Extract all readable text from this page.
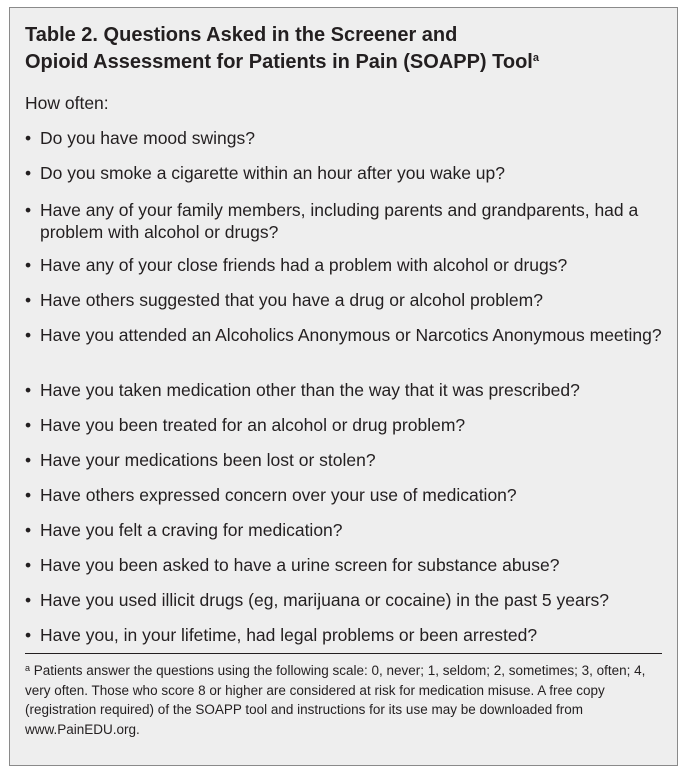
Table 2. Questions Asked in the Screener and
Opioid Assessment for Patients in Pain (SOAPP) Tool$^a$
How often:
• Do you have mood swings?
• Do you smoke a cigarette within an hour after you wake up?
• Have any of your family members, including parents and grandparents, had a problem with alcohol or drugs?
• Have any of your close friends had a problem with alcohol or drugs?
• Have others suggested that you have a drug or alcohol problem?
• Have you attended an Alcoholics Anonymous or Narcotics Anonymous meeting?
• Have you taken medication other than the way that it was prescribed?
• Have you been treated for an alcohol or drug problem?
• Have your medications been lost or stolen?
• Have others expressed concern over your use of medication?
• Have you felt a craving for medication?
• Have you been asked to have a urine screen for substance abuse?
• Have you used illicit drugs (eg, marijuana or cocaine) in the past 5 years?
• Have you, in your lifetime, had legal problems or been arrested?
$^a$ Patients answer the questions using the following scale: 0, never; 1, seldom; 2, sometimes; 3, often; 4, very often. Those who score 8 or higher are considered at risk for medication misuse. A free copy (registration required) of the SOAPP tool and instructions for its use may be downloaded from www.PainEDU.org.
